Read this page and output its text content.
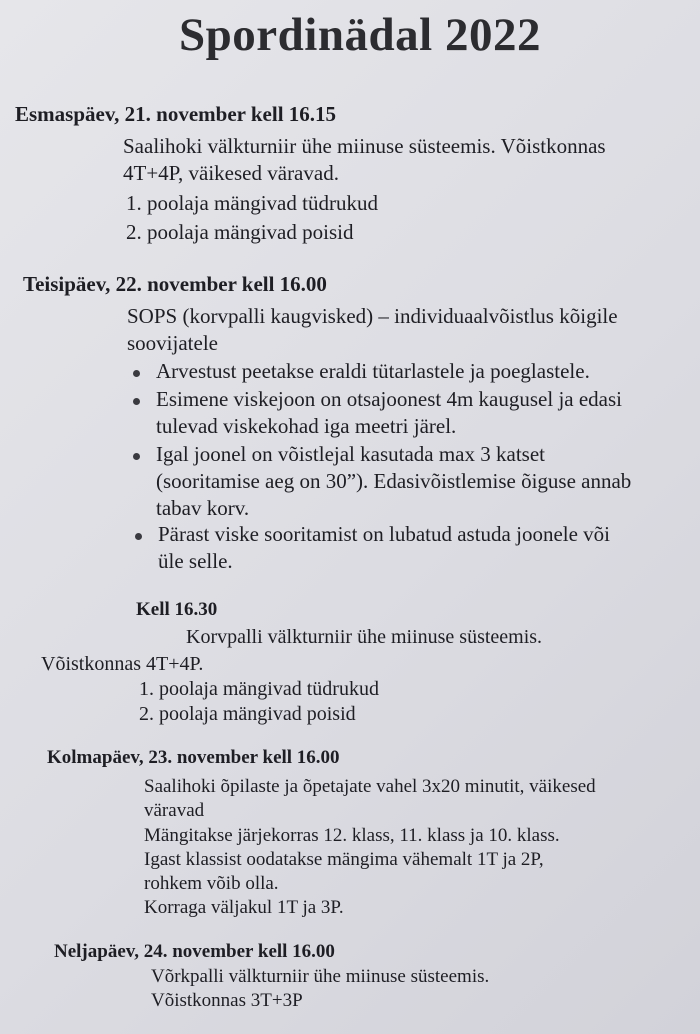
Spordinädal 2022
Esmaspäev, 21. november kell 16.15
Saalihoki välkturniir ühe miinuse süsteemis. Võistkonnas
4T+4P, väikesed väravad.
1. poolaja mängivad tüdrukud
2. poolaja mängivad poisid
Teisipäev, 22. november kell 16.00
SOPS (korvpalli kaugvisked) – individuaalvõistlus kõigile
soovijatele
Arvestust peetakse eraldi tütarlastele ja poeglastele.
Esimene viskejoon on otsajoonest 4m kaugusel ja edasi
tulevad viskekohad iga meetri järel.
Igal joonel on võistlejal kasutada max 3 katset
(sooritamise aeg on 30”). Edasivõistlemise õiguse annab
tabav korv.
Pärast viske sooritamist on lubatud astuda joonele või
üle selle.
Kell 16.30
Korvpalli välkturniir ühe miinuse süsteemis.
Võistkonnas 4T+4P.
1. poolaja mängivad tüdrukud
2. poolaja mängivad poisid
Kolmapäev, 23. november kell 16.00
Saalihoki õpilaste ja õpetajate vahel 3x20 minutit, väikesed
väravad
Mängitakse järjekorras 12. klass, 11. klass ja 10. klass.
Igast klassist oodatakse mängima vähemalt 1T ja 2P,
rohkem võib olla.
Korraga väljakul 1T ja 3P.
Neljapäev, 24. november kell 16.00
Võrkpalli välkturniir ühe miinuse süsteemis.
Võistkonnas 3T+3P
